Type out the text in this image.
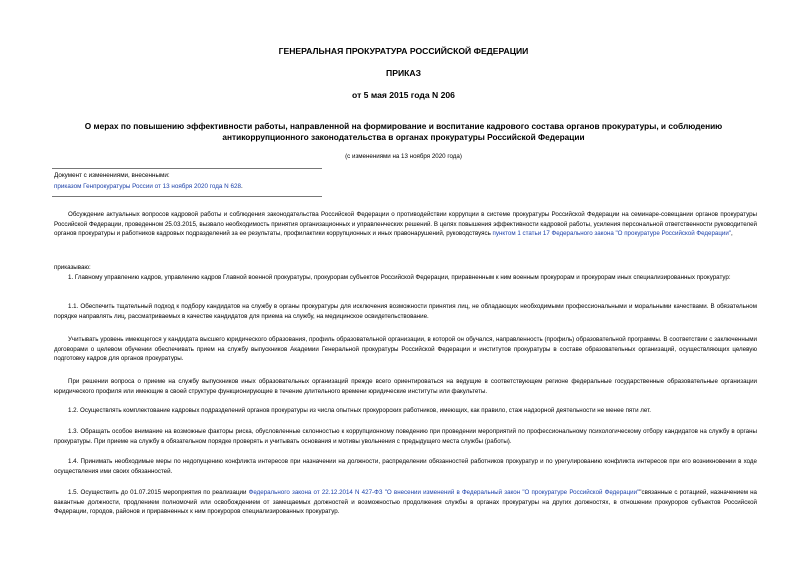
ГЕНЕРАЛЬНАЯ ПРОКУРАТУРА РОССИЙСКОЙ ФЕДЕРАЦИИ
ПРИКАЗ
от 5 мая 2015 года N 206
О мерах по повышению эффективности работы, направленной на формирование и воспитание кадрового состава органов прокуратуры, и соблюдению
антикоррупционного законодательства в органах прокуратуры Российской Федерации
(с изменениями на 13 ноября 2020 года)
Документ с изменениями, внесенными:
приказом Генпрокуратуры России от 13 ноября 2020 года N 628.

Обсуждение актуальных вопросов кадровой работы и соблюдения законодательства Российской Федерации о противодействии коррупции в системе прокуратуры Российской Федерации на семинаре-совещании органов прокуратуры Российской Федерации, проведенном 25.03.2015, вызвало необходимость принятия организационных и управленческих решений. В целях повышения эффективности кадровой работы, усиления персональной ответственности руководителей органов прокуратуры и работников кадровых подразделений за ее результаты, профилактики коррупционных и иных правонарушений, руководствуясь пунктом 1 статьи 17 Федерального закона "О прокуратуре Российской Федерации",

приказываю:

1. Главному управлению кадров, управлению кадров Главной военной прокуратуры, прокурорам субъектов Российской Федерации, приравненным к ним военным прокурорам и прокурорам иных специализированных прокуратур:

1.1. Обеспечить тщательный подход к подбору кандидатов на службу в органы прокуратуры для исключения возможности принятия лиц, не обладающих необходимыми профессиональными и моральными качествами. В обязательном порядке направлять лиц, рассматриваемых в качестве кандидатов для приема на службу, на медицинское освидетельствование.

Учитывать уровень имеющегося у кандидата высшего юридического образования, профиль образовательной организации, в которой он обучался, направленность (профиль) образовательной программы. В соответствии с заключенными договорами о целевом обучении обеспечивать прием на службу выпускников Академии Генеральной прокуратуры Российской Федерации и институтов прокуратуры в составе образовательных организаций, осуществляющих целевую подготовку кадров для органов прокуратуры.

При решении вопроса о приеме на службу выпускников иных образовательных организаций прежде всего ориентироваться на ведущие в соответствующем регионе федеральные государственные образовательные организации юридического профиля или имеющие в своей структуре функционирующие в течение длительного времени юридические институты или факультеты.

1.2. Осуществлять комплектование кадровых подразделений органов прокуратуры из числа опытных прокурорских работников, имеющих, как правило, стаж надзорной деятельности не менее пяти лет.

1.3. Обращать особое внимание на возможные факторы риска, обусловленные склонностью к коррупционному поведению при проведении мероприятий по профессиональному психологическому отбору кандидатов на службу в органы прокуратуры. При приеме на службу в обязательном порядке проверять и учитывать основания и мотивы увольнения с предыдущего места службы (работы).

1.4. Принимать необходимые меры по недопущению конфликта интересов при назначении на должности, распределении обязанностей работников прокуратур и по урегулированию конфликта интересов при его возникновении в ходе осуществления ими своих обязанностей.

1.5. Осуществить до 01.07.2015 мероприятия по реализации Федерального закона от 22.12.2014 N 427-ФЗ "О внесении изменений в Федеральный закон "О прокуратуре Российской Федерации""связанные с ротацией, назначением на вакантные должности, продлением полномочий или освобождением от замещаемых должностей и возможностью продолжения службы в органах прокуратуры на других должностях, в отношении прокуроров субъектов Российской Федерации, городов, районов и приравненных к ним прокуроров специализированных прокуратур.
